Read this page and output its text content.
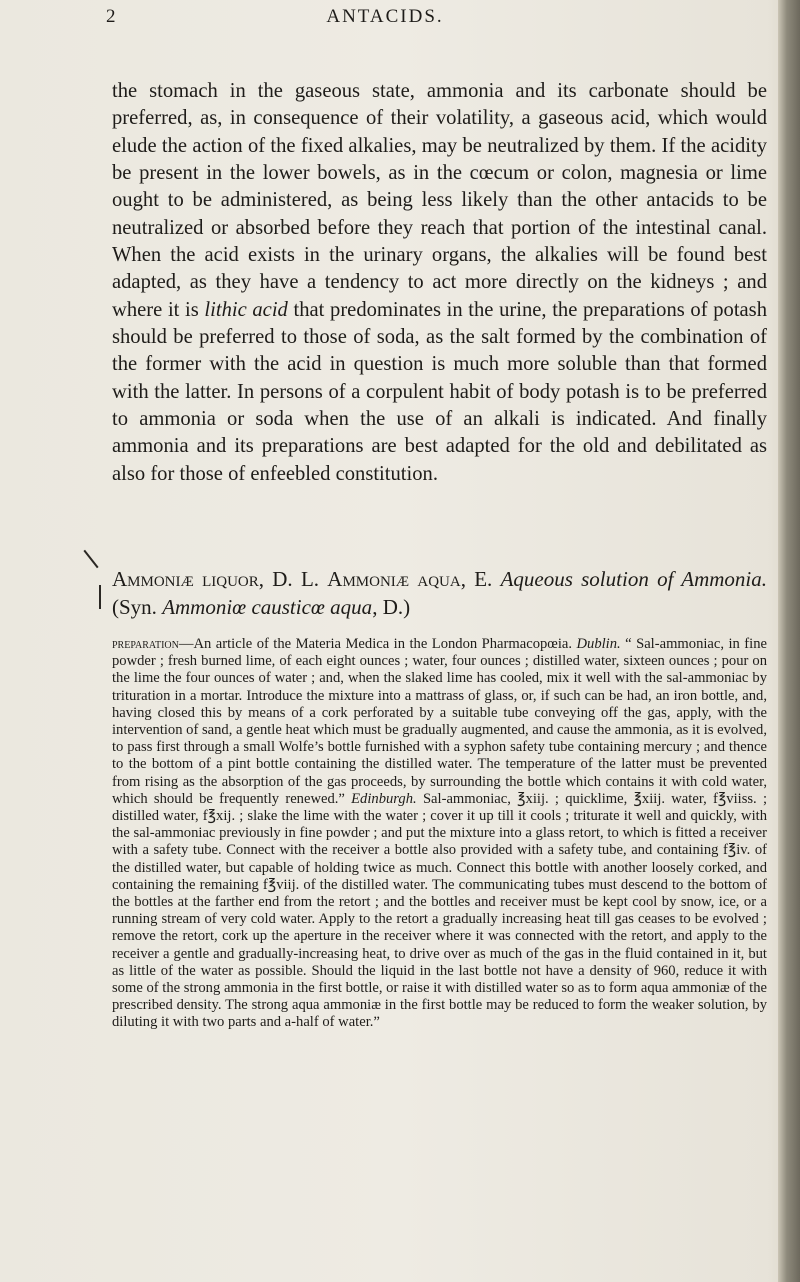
2	ANTACIDS.

the stomach in the gaseous state, ammonia and its carbonate should be preferred, as, in consequence of their volatility, a gaseous acid, which would elude the action of the fixed alkalies, may be neutralized by them. If the acidity be present in the lower bowels, as in the cœcum or colon, magnesia or lime ought to be administered, as being less likely than the other antacids to be neutralized or absorbed before they reach that portion of the intestinal canal. When the acid exists in the urinary organs, the alkalies will be found best adapted, as they have a tendency to act more directly on the kidneys ; and where it is lithic acid that predominates in the urine, the preparations of potash should be preferred to those of soda, as the salt formed by the combination of the former with the acid in question is much more soluble than that formed with the latter. In persons of a corpulent habit of body potash is to be preferred to ammonia or soda when the use of an alkali is indicated. And finally ammonia and its preparations are best adapted for the old and debilitated as also for those of enfeebled constitution.

Ammoniæ liquor, D. L. Ammoniæ aqua, E. Aqueous solution of Ammonia. (Syn. Ammoniœ causticœ aqua, D.)

preparation—An article of the Materia Medica in the London Pharmacopœia. Dublin. “ Sal-ammoniac, in fine powder ; fresh burned lime, of each eight ounces ; water, four ounces ; distilled water, sixteen ounces ; pour on the lime the four ounces of water ; and, when the slaked lime has cooled, mix it well with the sal-ammoniac by trituration in a mortar. Introduce the mixture into a mattrass of glass, or, if such can be had, an iron bottle, and, having closed this by means of a cork perforated by a suitable tube conveying off the gas, apply, with the intervention of sand, a gentle heat which must be gradually augmented, and cause the ammonia, as it is evolved, to pass first through a small Wolfe’s bottle furnished with a syphon safety tube containing mercury ; and thence to the bottom of a pint bottle containing the distilled water. The temperature of the latter must be prevented from rising as the absorption of the gas proceeds, by surrounding the bottle which contains it with cold water, which should be frequently renewed.” Edinburgh. Sal-ammoniac, ℥xiij. ; quicklime, ℥xiij. water, f℥viiss. ; distilled water, f℥xij. ; slake the lime with the water ; cover it up till it cools ; triturate it well and quickly, with the sal-ammoniac previously in fine powder ; and put the mixture into a glass retort, to which is fitted a receiver with a safety tube. Connect with the receiver a bottle also provided with a safety tube, and containing f℥iv. of the distilled water, but capable of holding twice as much. Connect this bottle with another loosely corked, and containing the remaining f℥viij. of the distilled water. The communicating tubes must descend to the bottom of the bottles at the farther end from the retort ; and the bottles and receiver must be kept cool by snow, ice, or a running stream of very cold water. Apply to the retort a gradually increasing heat till gas ceases to be evolved ; remove the retort, cork up the aperture in the receiver where it was connected with the retort, and apply to the receiver a gentle and gradually-increasing heat, to drive over as much of the gas in the fluid contained in it, but as little of the water as possible. Should the liquid in the last bottle not have a density of 960, reduce it with some of the strong ammonia in the first bottle, or raise it with distilled water so as to form aqua ammoniæ of the prescribed density. The strong aqua ammoniæ in the first bottle may be reduced to form the weaker solution, by diluting it with two parts and a-half of water.”
